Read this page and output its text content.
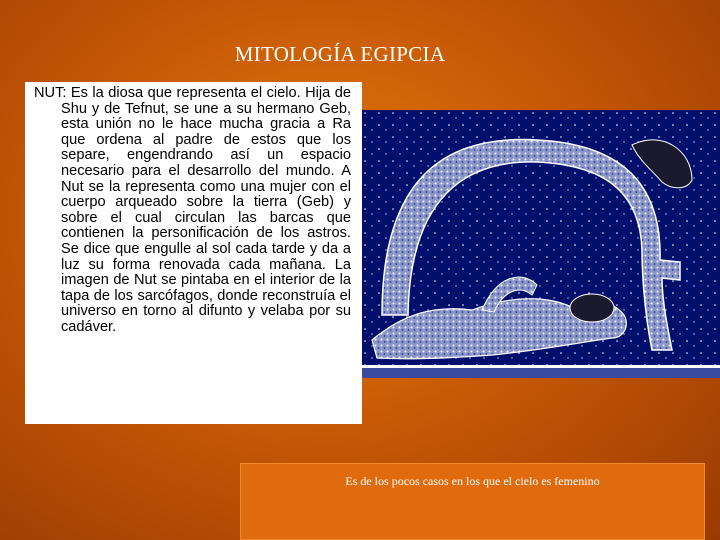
MITOLOGÍA EGIPCIA

NUT: Es la diosa que representa el cielo. Hija de Shu y de Tefnut, se une a su hermano Geb, esta unión no le hace mucha gracia a Ra que ordena al padre de estos que los separe, engendrando así un espacio necesario para el desarrollo del mundo. A Nut se la representa como una mujer con el cuerpo arqueado sobre la tierra (Geb) y sobre el cual circulan las barcas que contienen la personificación de los astros. Se dice que engulle al sol cada tarde y da a luz su forma renovada cada mañana. La imagen de Nut se pintaba en el interior de la tapa de los sarcófagos, donde reconstruía el universo en torno al difunto y velaba por su cadáver.

Es de los pocos casos en los que el cielo es femenino
